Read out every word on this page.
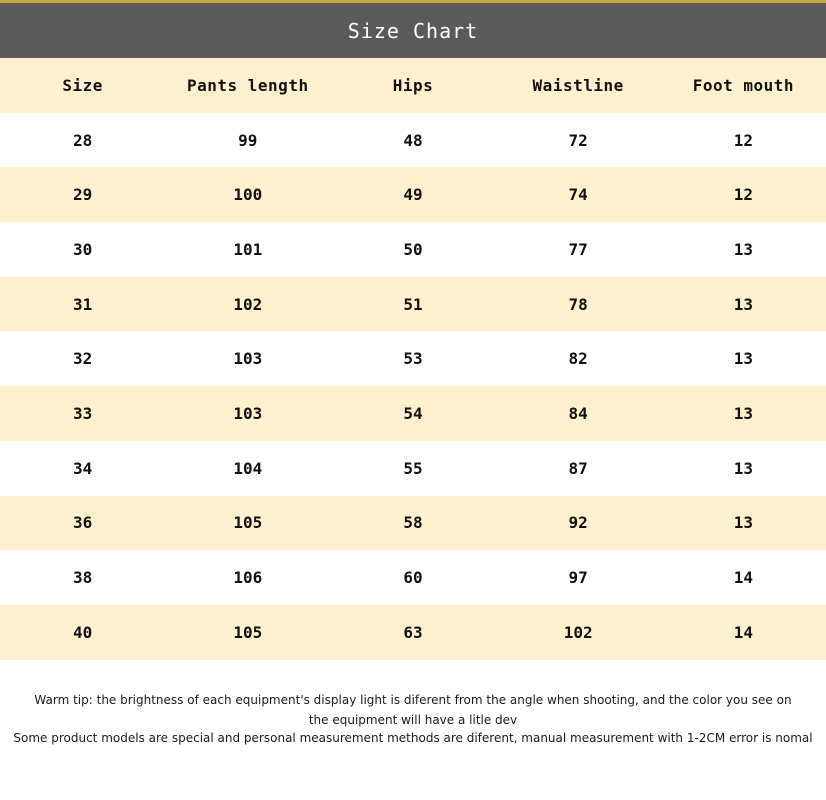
Size Chart
Size	Pants length	Hips	Waistline	Foot mouth
28	99	48	72	12
29	100	49	74	12
30	101	50	77	13
31	102	51	78	13
32	103	53	82	13
33	103	54	84	13
34	104	55	87	13
36	105	58	92	13
38	106	60	97	14
40	105	63	102	14

Warm tip: the brightness of each equipment's display light is diferent from the angle when shooting, and the color you see on the equipment will have a litle dev

Some product models are special and personal measurement methods are diferent, manual measurement with 1-2CM error is nomal
